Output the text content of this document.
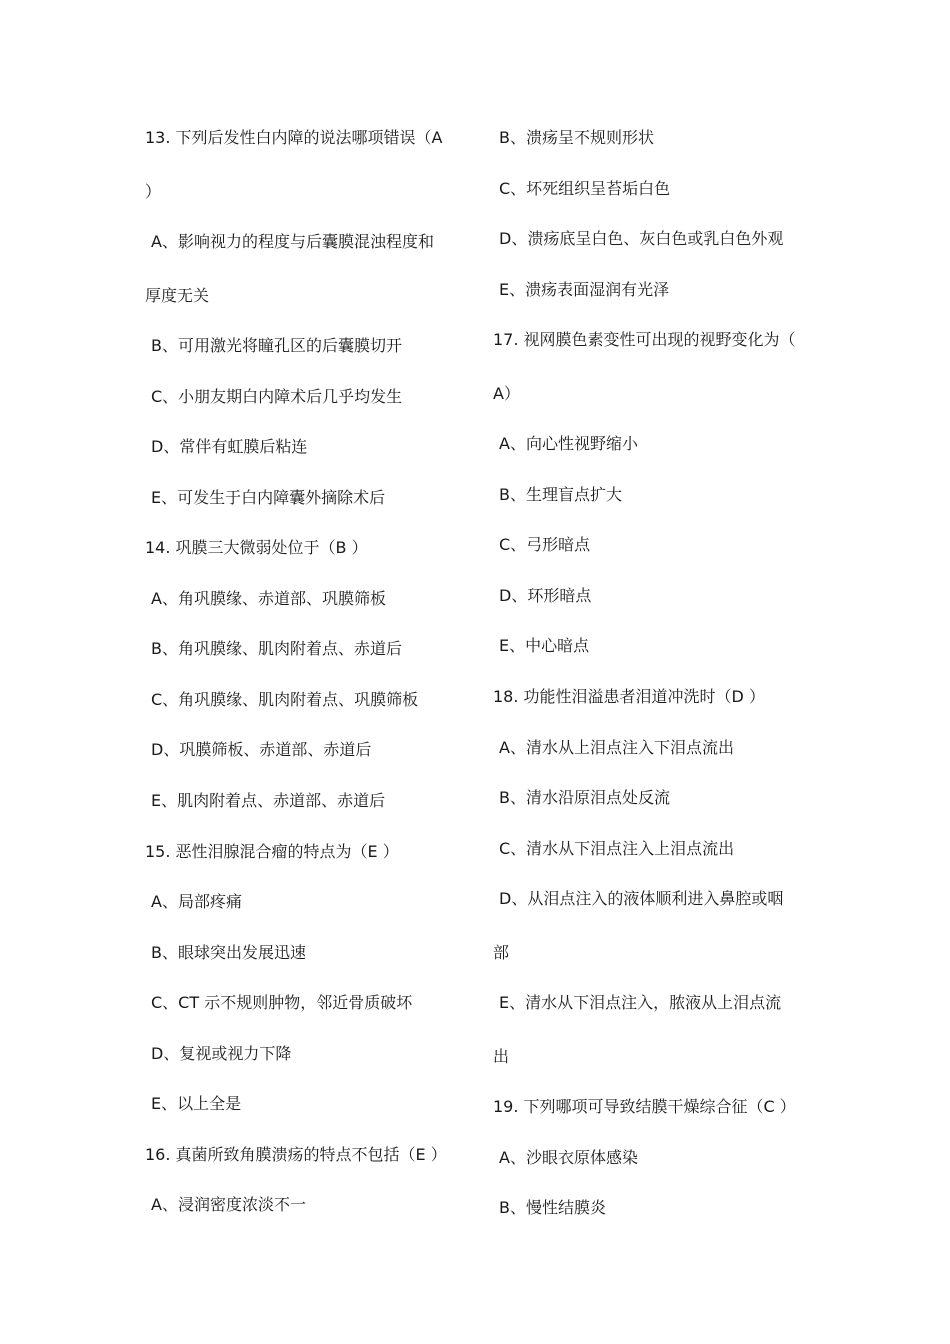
13. 下列后发性白内障的说法哪项错误（A
）
A、影响视力的程度与后囊膜混浊程度和
厚度无关
B、可用激光将瞳孔区的后囊膜切开
C、小朋友期白内障术后几乎均发生
D、常伴有虹膜后粘连
E、可发生于白内障囊外摘除术后
14. 巩膜三大微弱处位于（B ）
A、角巩膜缘、赤道部、巩膜筛板
B、角巩膜缘、肌肉附着点、赤道后
C、角巩膜缘、肌肉附着点、巩膜筛板
D、巩膜筛板、赤道部、赤道后
E、肌肉附着点、赤道部、赤道后
15. 恶性泪腺混合瘤的特点为（E ）
A、局部疼痛
B、眼球突出发展迅速
C、CT 示不规则肿物，邻近骨质破坏
D、复视或视力下降
E、以上全是
16. 真菌所致角膜溃疡的特点不包括（E ）
A、浸润密度浓淡不一
B、溃疡呈不规则形状
C、坏死组织呈苔垢白色
D、溃疡底呈白色、灰白色或乳白色外观
E、溃疡表面湿润有光泽
17. 视网膜色素变性可出现的视野变化为（
A）
A、向心性视野缩小
B、生理盲点扩大
C、弓形暗点
D、环形暗点
E、中心暗点
18. 功能性泪溢患者泪道冲洗时（D ）
A、清水从上泪点注入下泪点流出
B、清水沿原泪点处反流
C、清水从下泪点注入上泪点流出
D、从泪点注入的液体顺利进入鼻腔或咽
部
E、清水从下泪点注入，脓液从上泪点流
出
19. 下列哪项可导致结膜干燥综合征（C ）
A、沙眼衣原体感染
B、慢性结膜炎
